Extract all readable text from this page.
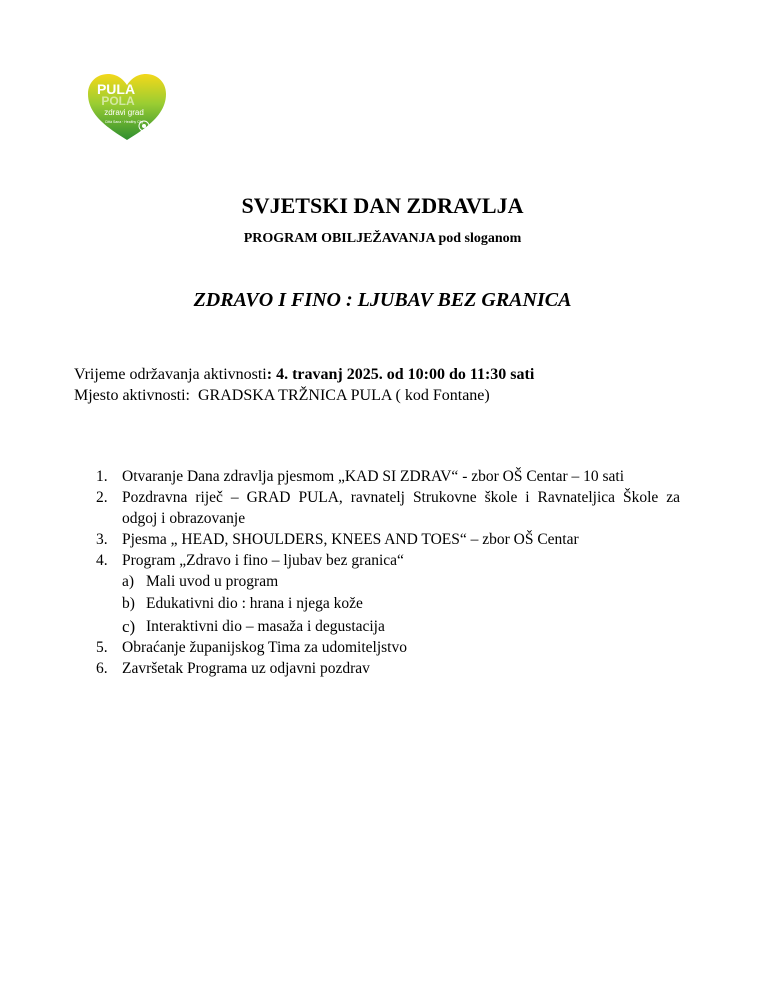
PULA
POLA
zdravi grad
Città Sana · Healthy City
SVJETSKI DAN ZDRAVLJA
PROGRAM OBILJEŽAVANJA pod sloganom
ZDRAVO I FINO : LJUBAV BEZ GRANICA
Vrijeme održavanja aktivnosti: 4. travanj 2025. od 10:00 do 11:30 sati
Mjesto aktivnosti: GRADSKA TRŽNICA PULA ( kod Fontane)
1. Otvaranje Dana zdravlja pjesmom „KAD SI ZDRAV“ - zbor OŠ Centar – 10 sati
2. Pozdravna riječ – GRAD PULA, ravnatelj Strukovne škole i Ravnateljica Škole za
odgoj i obrazovanje
3. Pjesma „ HEAD, SHOULDERS, KNEES AND TOES“ – zbor OŠ Centar
4. Program „Zdravo i fino – ljubav bez granica“
a) Mali uvod u program
b) Edukativni dio : hrana i njega kože
c) Interaktivni dio – masaža i degustacija
5. Obraćanje županijskog Tima za udomiteljstvo
6. Završetak Programa uz odjavni pozdrav
